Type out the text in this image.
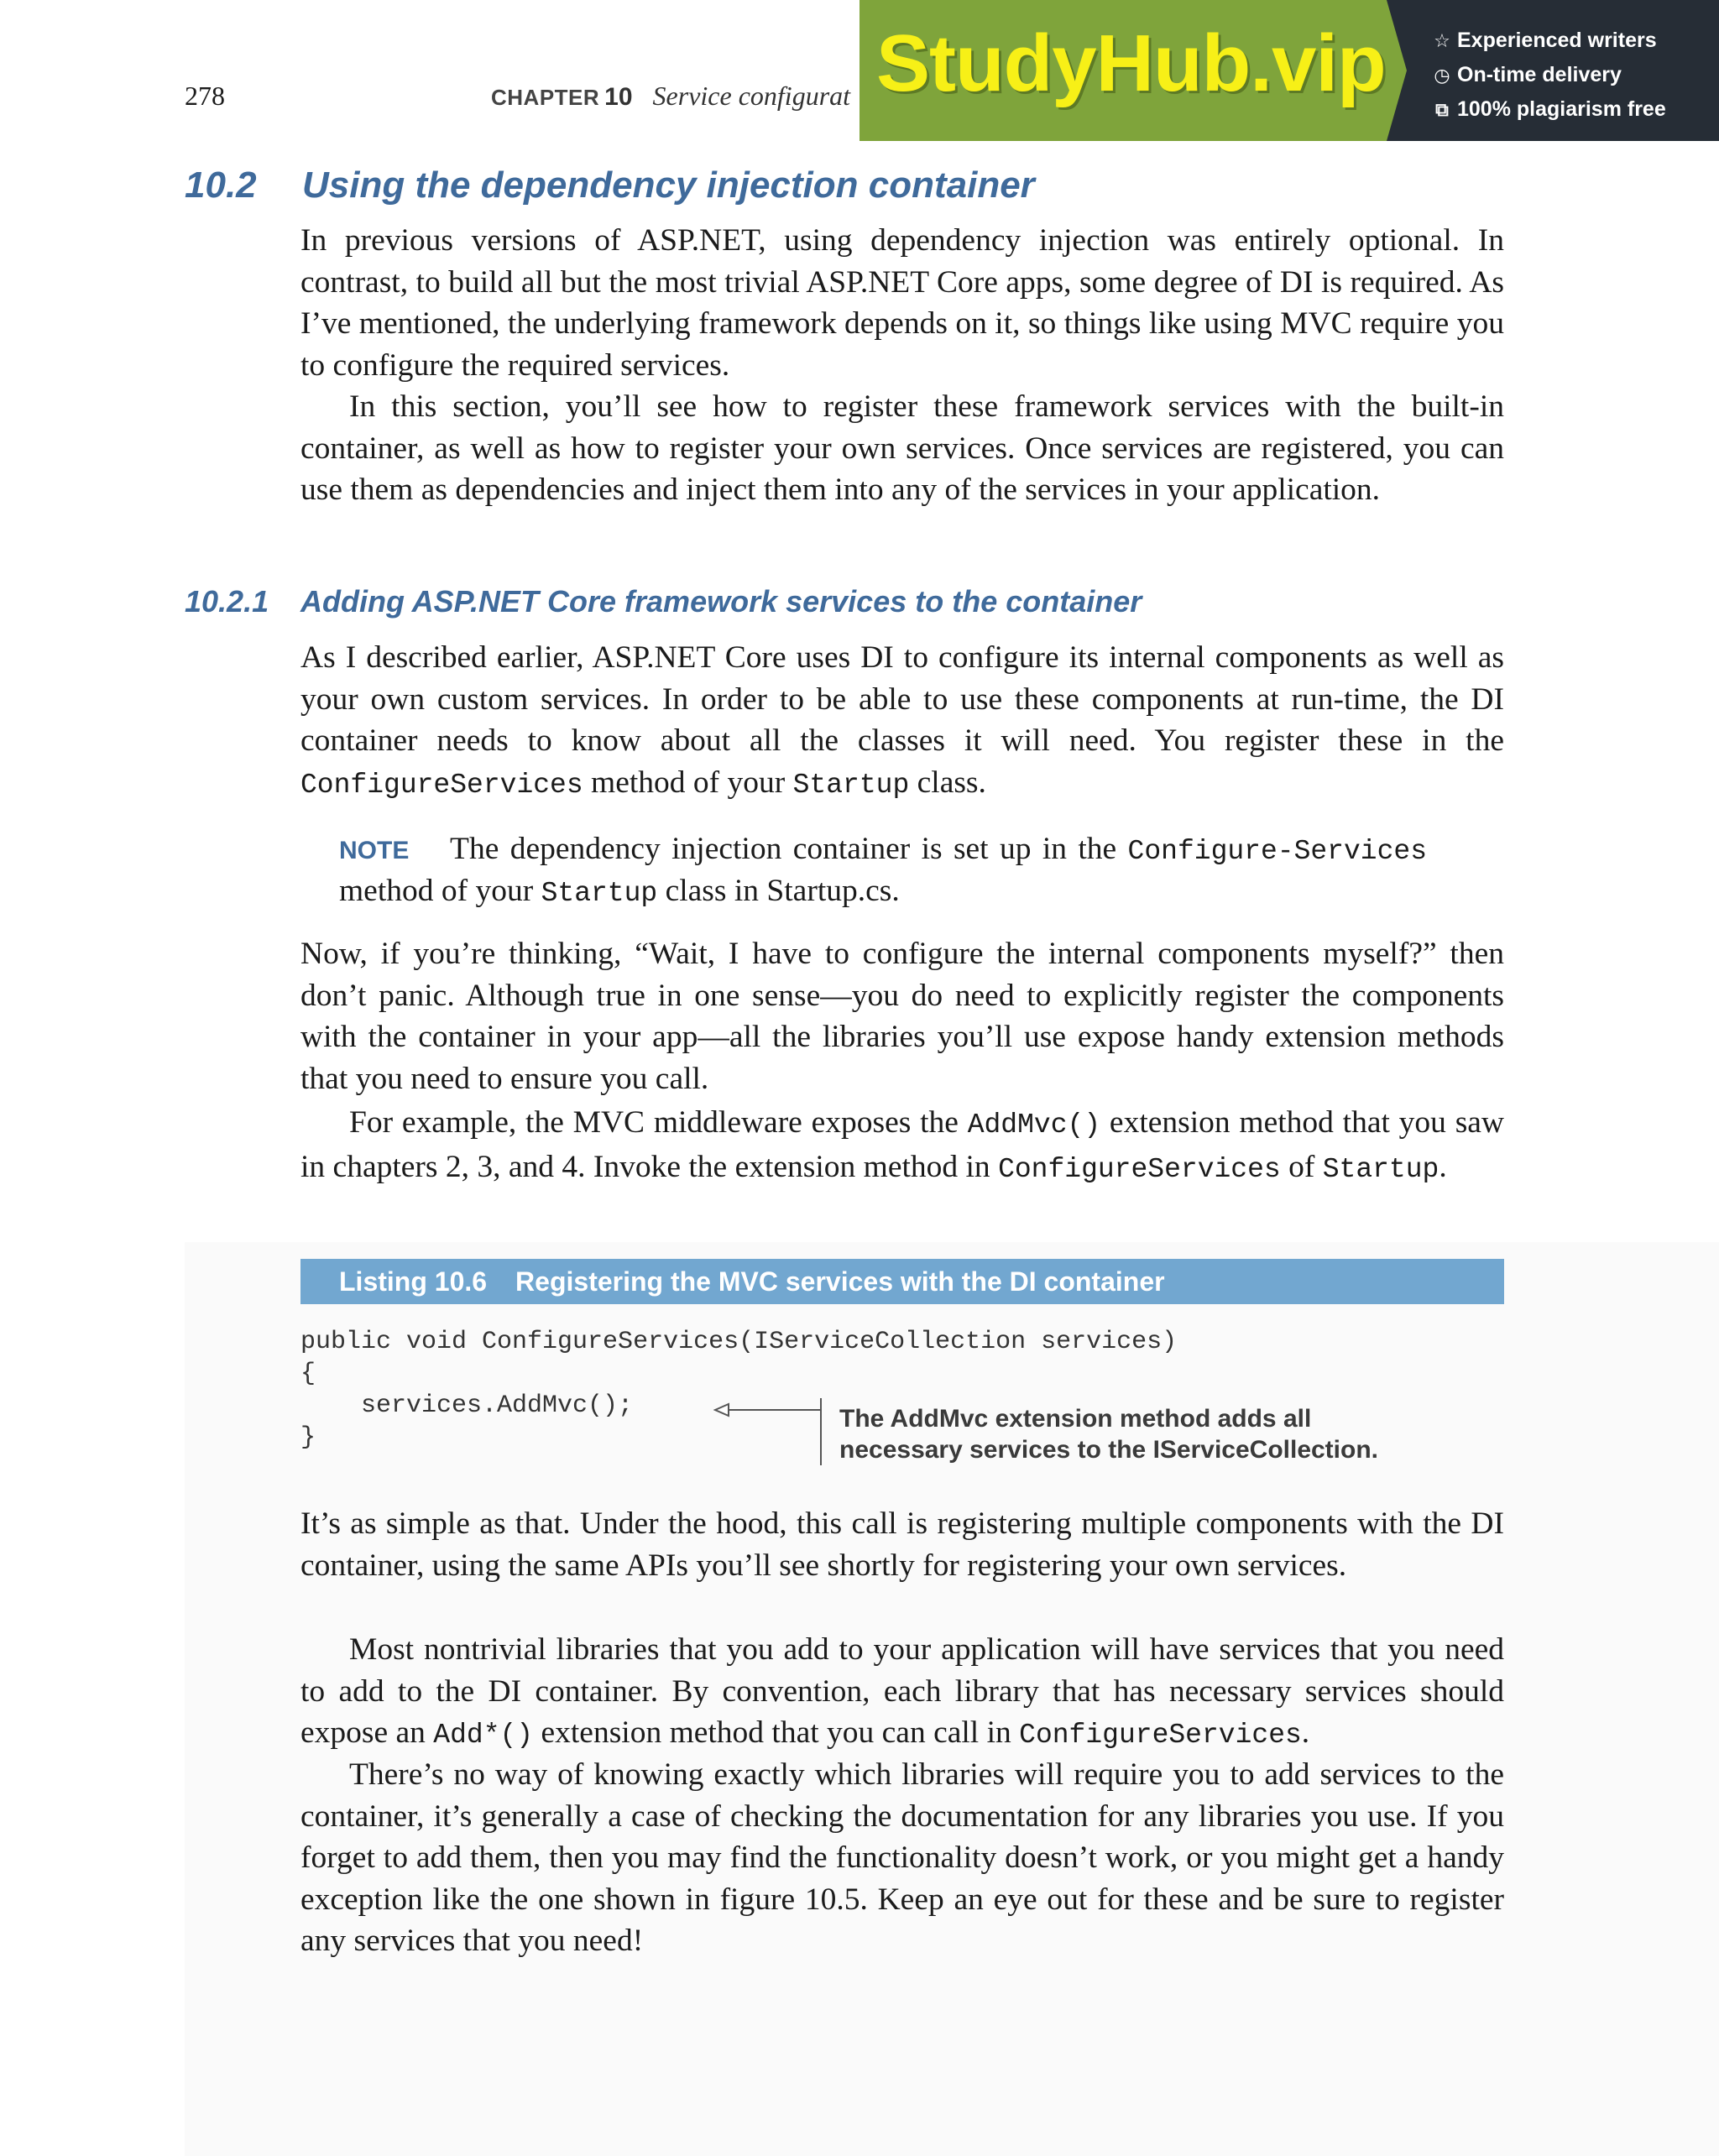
278	CHAPTER 10 Service configurat StudyHub.vip	☆ Experienced writers
◷ On-time delivery
⧉ 100% plagiarism free
10.2 Using the dependency injection container

In previous versions of ASP.NET, using dependency injection was entirely optional. In contrast, to build all but the most trivial ASP.NET Core apps, some degree of DI is required. As I’ve mentioned, the underlying framework depends on it, so things like using MVC require you to configure the required services.

In this section, you’ll see how to register these framework services with the built-in container, as well as how to register your own services. Once services are registered, you can use them as dependencies and inject them into any of the services in your application.

10.2.1 Adding ASP.NET Core framework services to the container

As I described earlier, ASP.NET Core uses DI to configure its internal components as well as your own custom services. In order to be able to use these components at run-time, the DI container needs to know about all the classes it will need. You register these in the ConfigureServices method of your Startup class.

NOTE The dependency injection container is set up in the Configure-Services method of your Startup class in Startup.cs.

Now, if you’re thinking, “Wait, I have to configure the internal components myself?” then don’t panic. Although true in one sense—you do need to explicitly register the components with the container in your app—all the libraries you’ll use expose handy extension methods that you need to ensure you call.

For example, the MVC middleware exposes the AddMvc() extension method that you saw in chapters 2, 3, and 4. Invoke the extension method in ConfigureServices of Startup.

Listing 10.6 Registering the MVC services with the DI container
public void ConfigureServices(IServiceCollection services)
{
services.AddMvc();
}
The AddMvc extension method adds all
necessary services to the IServiceCollection.

It’s as simple as that. Under the hood, this call is registering multiple components with the DI container, using the same APIs you’ll see shortly for registering your own services.

Most nontrivial libraries that you add to your application will have services that you need to add to the DI container. By convention, each library that has necessary services should expose an Add*() extension method that you can call in ConfigureServices.

There’s no way of knowing exactly which libraries will require you to add services to the container, it’s generally a case of checking the documentation for any libraries you use. If you forget to add them, then you may find the functionality doesn’t work, or you might get a handy exception like the one shown in figure 10.5. Keep an eye out for these and be sure to register any services that you need!
